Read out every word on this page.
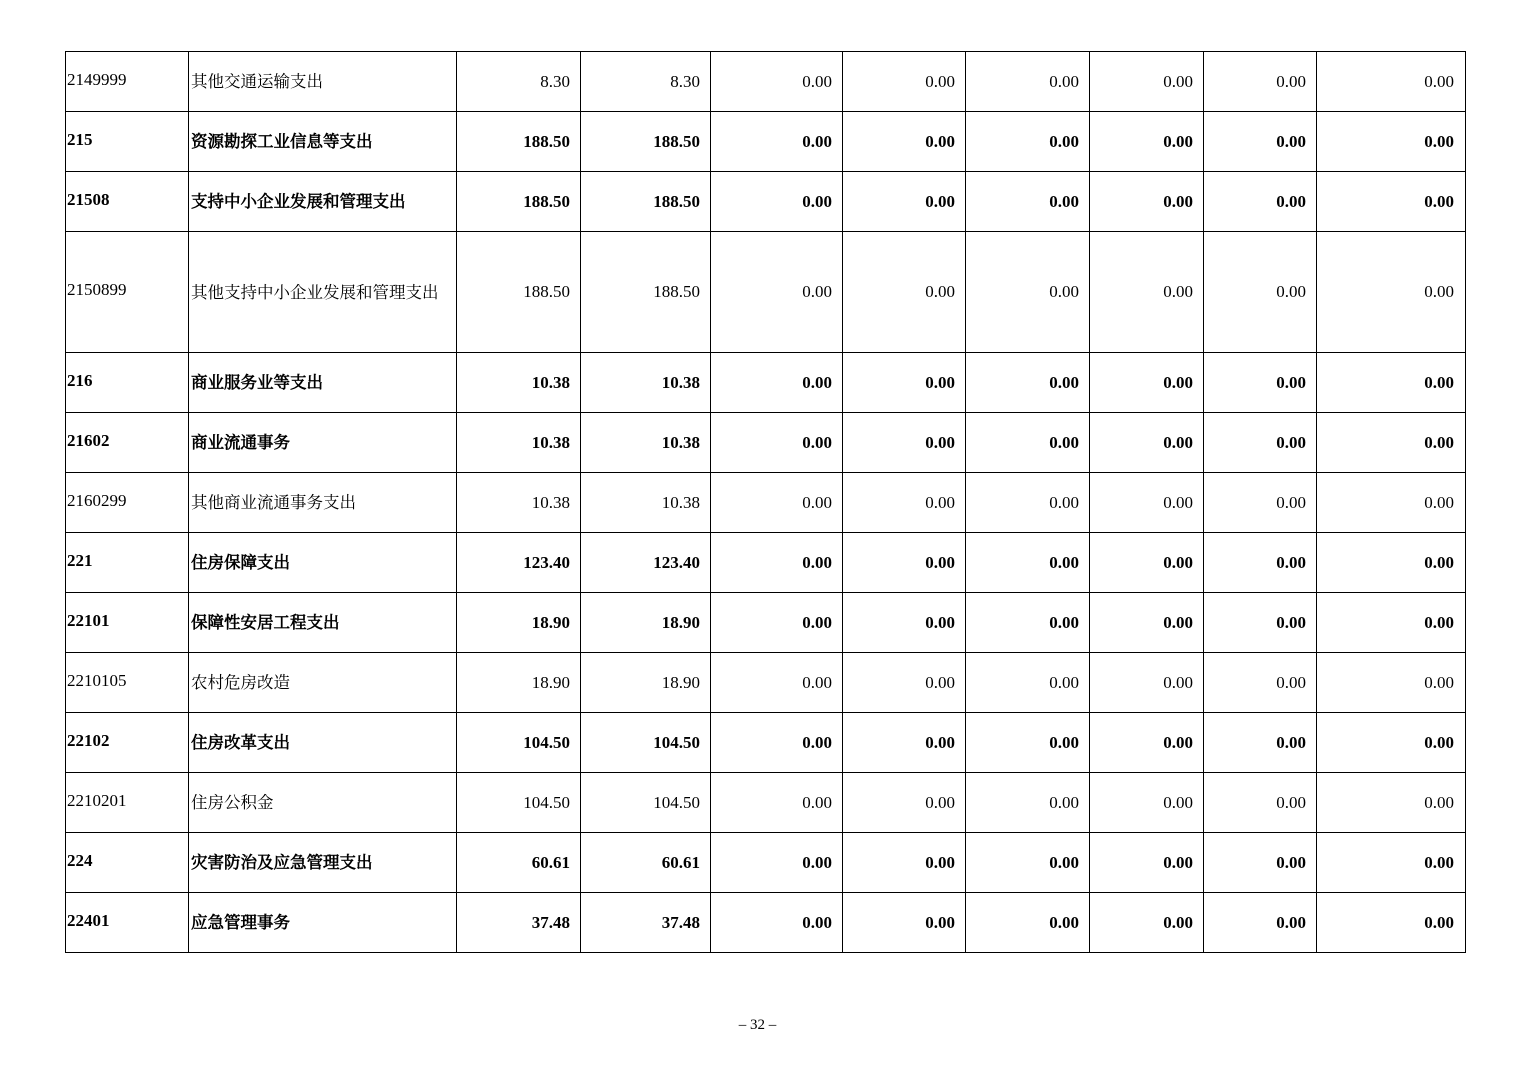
2149999	其他交通运输支出	8.30	8.30	0.00	0.00	0.00	0.00	0.00	0.00
215	资源勘探工业信息等支出	188.50	188.50	0.00	0.00	0.00	0.00	0.00	0.00
21508	支持中小企业发展和管理支出	188.50	188.50	0.00	0.00	0.00	0.00	0.00	0.00
2150899	其他支持中小企业发展和管理支出	188.50	188.50	0.00	0.00	0.00	0.00	0.00	0.00
216	商业服务业等支出	10.38	10.38	0.00	0.00	0.00	0.00	0.00	0.00
21602	商业流通事务	10.38	10.38	0.00	0.00	0.00	0.00	0.00	0.00
2160299	其他商业流通事务支出	10.38	10.38	0.00	0.00	0.00	0.00	0.00	0.00
221	住房保障支出	123.40	123.40	0.00	0.00	0.00	0.00	0.00	0.00
22101	保障性安居工程支出	18.90	18.90	0.00	0.00	0.00	0.00	0.00	0.00
2210105	农村危房改造	18.90	18.90	0.00	0.00	0.00	0.00	0.00	0.00
22102	住房改革支出	104.50	104.50	0.00	0.00	0.00	0.00	0.00	0.00
2210201	住房公积金	104.50	104.50	0.00	0.00	0.00	0.00	0.00	0.00
224	灾害防治及应急管理支出	60.61	60.61	0.00	0.00	0.00	0.00	0.00	0.00
22401	应急管理事务	37.48	37.48	0.00	0.00	0.00	0.00	0.00	0.00
– 32 –
